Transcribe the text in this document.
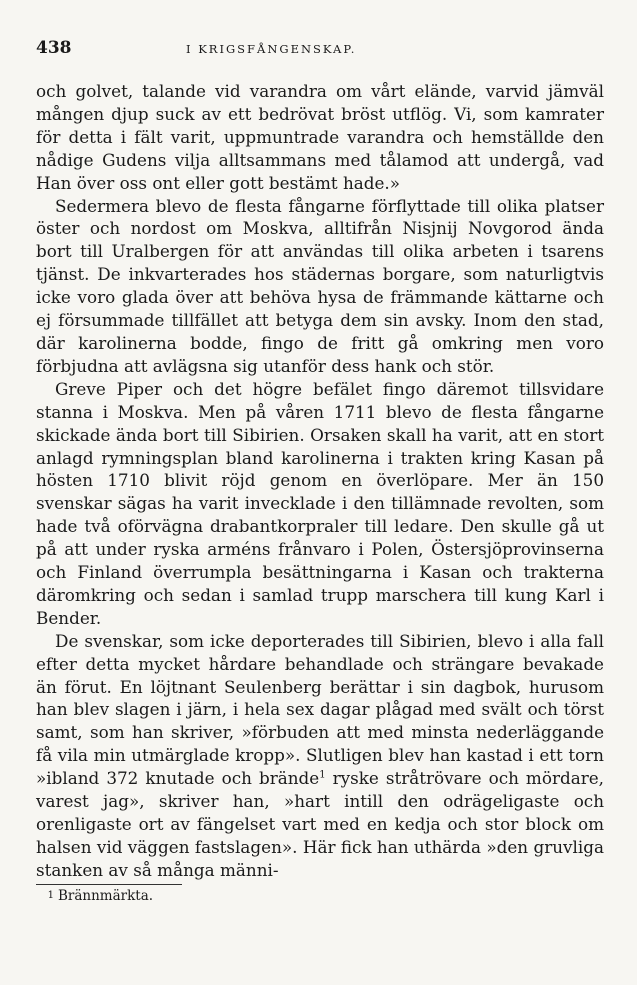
438	I KRIGSFÅNGENSKAP.

och golvet, talande vid varandra om vårt elände, varvid jämväl mången djup suck av ett bedrövat bröst utflög. Vi, som kamrater för detta i fält varit, uppmuntrade varandra och hemställde den nådige Gudens vilja alltsammans med tålamod att undergå, vad Han över oss ont eller gott bestämt hade.»

Sedermera blevo de flesta fångarne förflyttade till olika platser öster och nordost om Moskva, alltifrån Nisjnij Novgorod ända bort till Uralbergen för att användas till olika arbeten i tsarens tjänst. De inkvarterades hos städernas borgare, som naturligtvis icke voro glada över att behöva hysa de främmande kättarne och ej försummade tillfället att betyga dem sin avsky. Inom den stad, där karolinerna bodde, fingo de fritt gå omkring men voro förbjudna att avlägsna sig utanför dess hank och stör.

Greve Piper och det högre befälet fingo däremot tillsvidare stanna i Moskva. Men på våren 1711 blevo de flesta fångarne skickade ända bort till Sibirien. Orsaken skall ha varit, att en stort anlagd rymningsplan bland karolinerna i trakten kring Kasan på hösten 1710 blivit röjd genom en överlöpare. Mer än 150 svenskar sägas ha varit invecklade i den tillämnade revolten, som hade två oförvägna drabantkorpraler till ledare. Den skulle gå ut på att under ryska arméns frånvaro i Polen, Östersjöprovinserna och Finland överrumpla besättningarna i Kasan och trakterna däromkring och sedan i samlad trupp marschera till kung Karl i Bender.

De svenskar, som icke deporterades till Sibirien, blevo i alla fall efter detta mycket hårdare behandlade och strängare bevakade än förut. En löjtnant Seulenberg berättar i sin dagbok, hurusom han blev slagen i järn, i hela sex dagar plågad med svält och törst samt, som han skriver, »förbuden att med minsta nederläggande få vila min utmärglade kropp». Slutligen blev han kastad i ett torn »ibland 372 knutade och brände$^1$ ryske stråtrövare och mördare, varest jag», skriver han, »hart intill den odrägeligaste och orenligaste ort av fängelset vart med en kedja och stor block om halsen vid väggen fastslagen». Här fick han uthärda »den gruvliga stanken av så många männi-

1 Brännmärkta.
